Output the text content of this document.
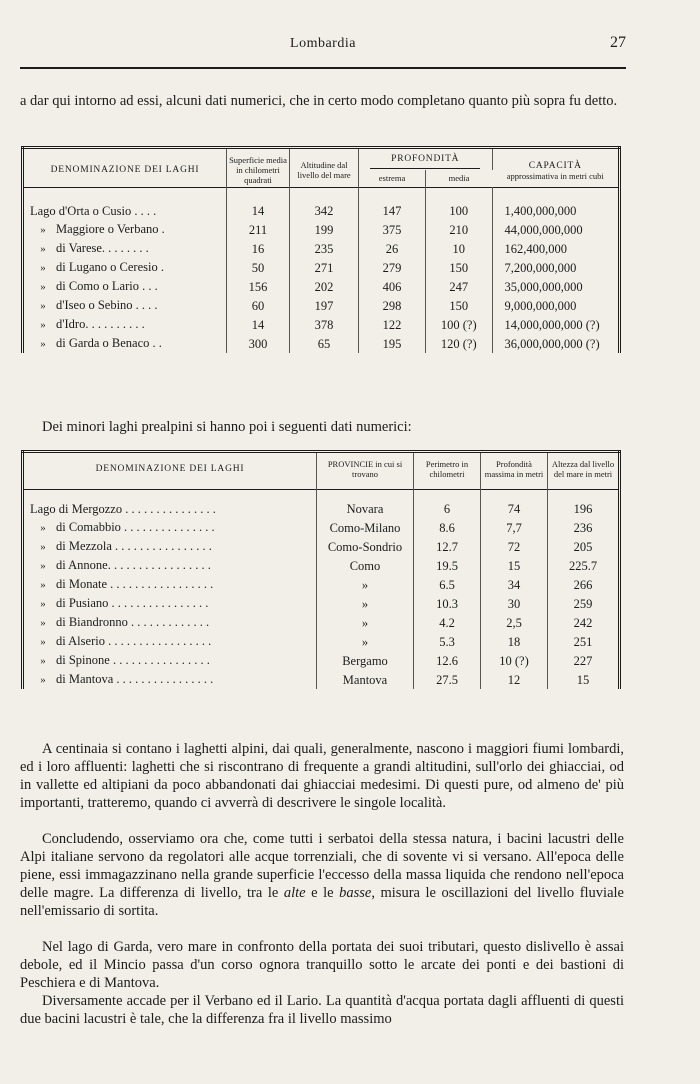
Lombardia	27

a dar qui intorno ad essi, alcuni dati numerici, che in certo modo completano quanto più sopra fu detto.

DENOMINAZIONE DEI LAGHI	Superficie media in chilometri quadrati	Altitudine dal livello del mare	PROFONDITÀ		CAPACITÀ
approssimativa in metri cubi
			estrema	media	

Lago d'Orta o Cusio . . . .	14	342	147	100	1,400,000,000
» Maggiore o Verbano .	211	199	375	210	44,000,000,000
» di Varese. . . . . . . .	16	235	26	10	162,400,000
» di Lugano o Ceresio .	50	271	279	150	7,200,000,000
» di Como o Lario . . .	156	202	406	247	35,000,000,000
» d'Iseo o Sebino . . . .	60	197	298	150	9,000,000,000
» d'Idro. . . . . . . . . .	14	378	122	100 (?)	14,000,000,000 (?)
» di Garda o Benaco . .	300	65	195	120 (?)	36,000,000,000 (?)

Dei minori laghi prealpini si hanno poi i seguenti dati numerici:

DENOMINAZIONE DEI LAGHI	PROVINCIE in cui si trovano	Perimetro in chilometri	Profondità massima in metri	Altezza dal livello del mare in metri

Lago di Mergozzo . . . . . . . . . . . . . . .	Novara	6	74	196
» di Comabbio . . . . . . . . . . . . . . .	Como-Milano	8.6	7,7	236
» di Mezzola . . . . . . . . . . . . . . . .	Como-Sondrio	12.7	72	205
» di Annone. . . . . . . . . . . . . . . . .	Como	19.5	15	225.7
» di Monate . . . . . . . . . . . . . . . . .	»	6.5	34	266
» di Pusiano . . . . . . . . . . . . . . . .	»	10.3	30	259
» di Biandronno . . . . . . . . . . . . .	»	4.2	2,5	242
» di Alserio . . . . . . . . . . . . . . . . .	»	5.3	18	251
» di Spinone . . . . . . . . . . . . . . . .	Bergamo	12.6	10 (?)	227
» di Mantova . . . . . . . . . . . . . . . .	Mantova	27.5	12	15

A centinaia si contano i laghetti alpini, dai quali, generalmente, nascono i maggiori fiumi lombardi, ed i loro affluenti: laghetti che si riscontrano di frequente a grandi altitudini, sull'orlo dei ghiacciai, od in vallette ed altipiani da poco abbandonati dai ghiacciai medesimi. Di questi pure, od almeno de' più importanti, tratteremo, quando ci avverrà di descrivere le singole località.

Concludendo, osserviamo ora che, come tutti i serbatoi della stessa natura, i bacini lacustri delle Alpi italiane servono da regolatori alle acque torrenziali, che di sovente vi si versano. All'epoca delle piene, essi immagazzinano nella grande superficie l'eccesso della massa liquida che rendono nell'epoca delle magre. La differenza di livello, tra le alte e le basse, misura le oscillazioni del livello fluviale nell'emissario di sortita.

Nel lago di Garda, vero mare in confronto della portata dei suoi tributari, questo dislivello è assai debole, ed il Mincio passa d'un corso ognora tranquillo sotto le arcate dei ponti e dei bastioni di Peschiera e di Mantova.

Diversamente accade per il Verbano ed il Lario. La quantità d'acqua portata dagli affluenti di questi due bacini lacustri è tale, che la differenza fra il livello massimo
